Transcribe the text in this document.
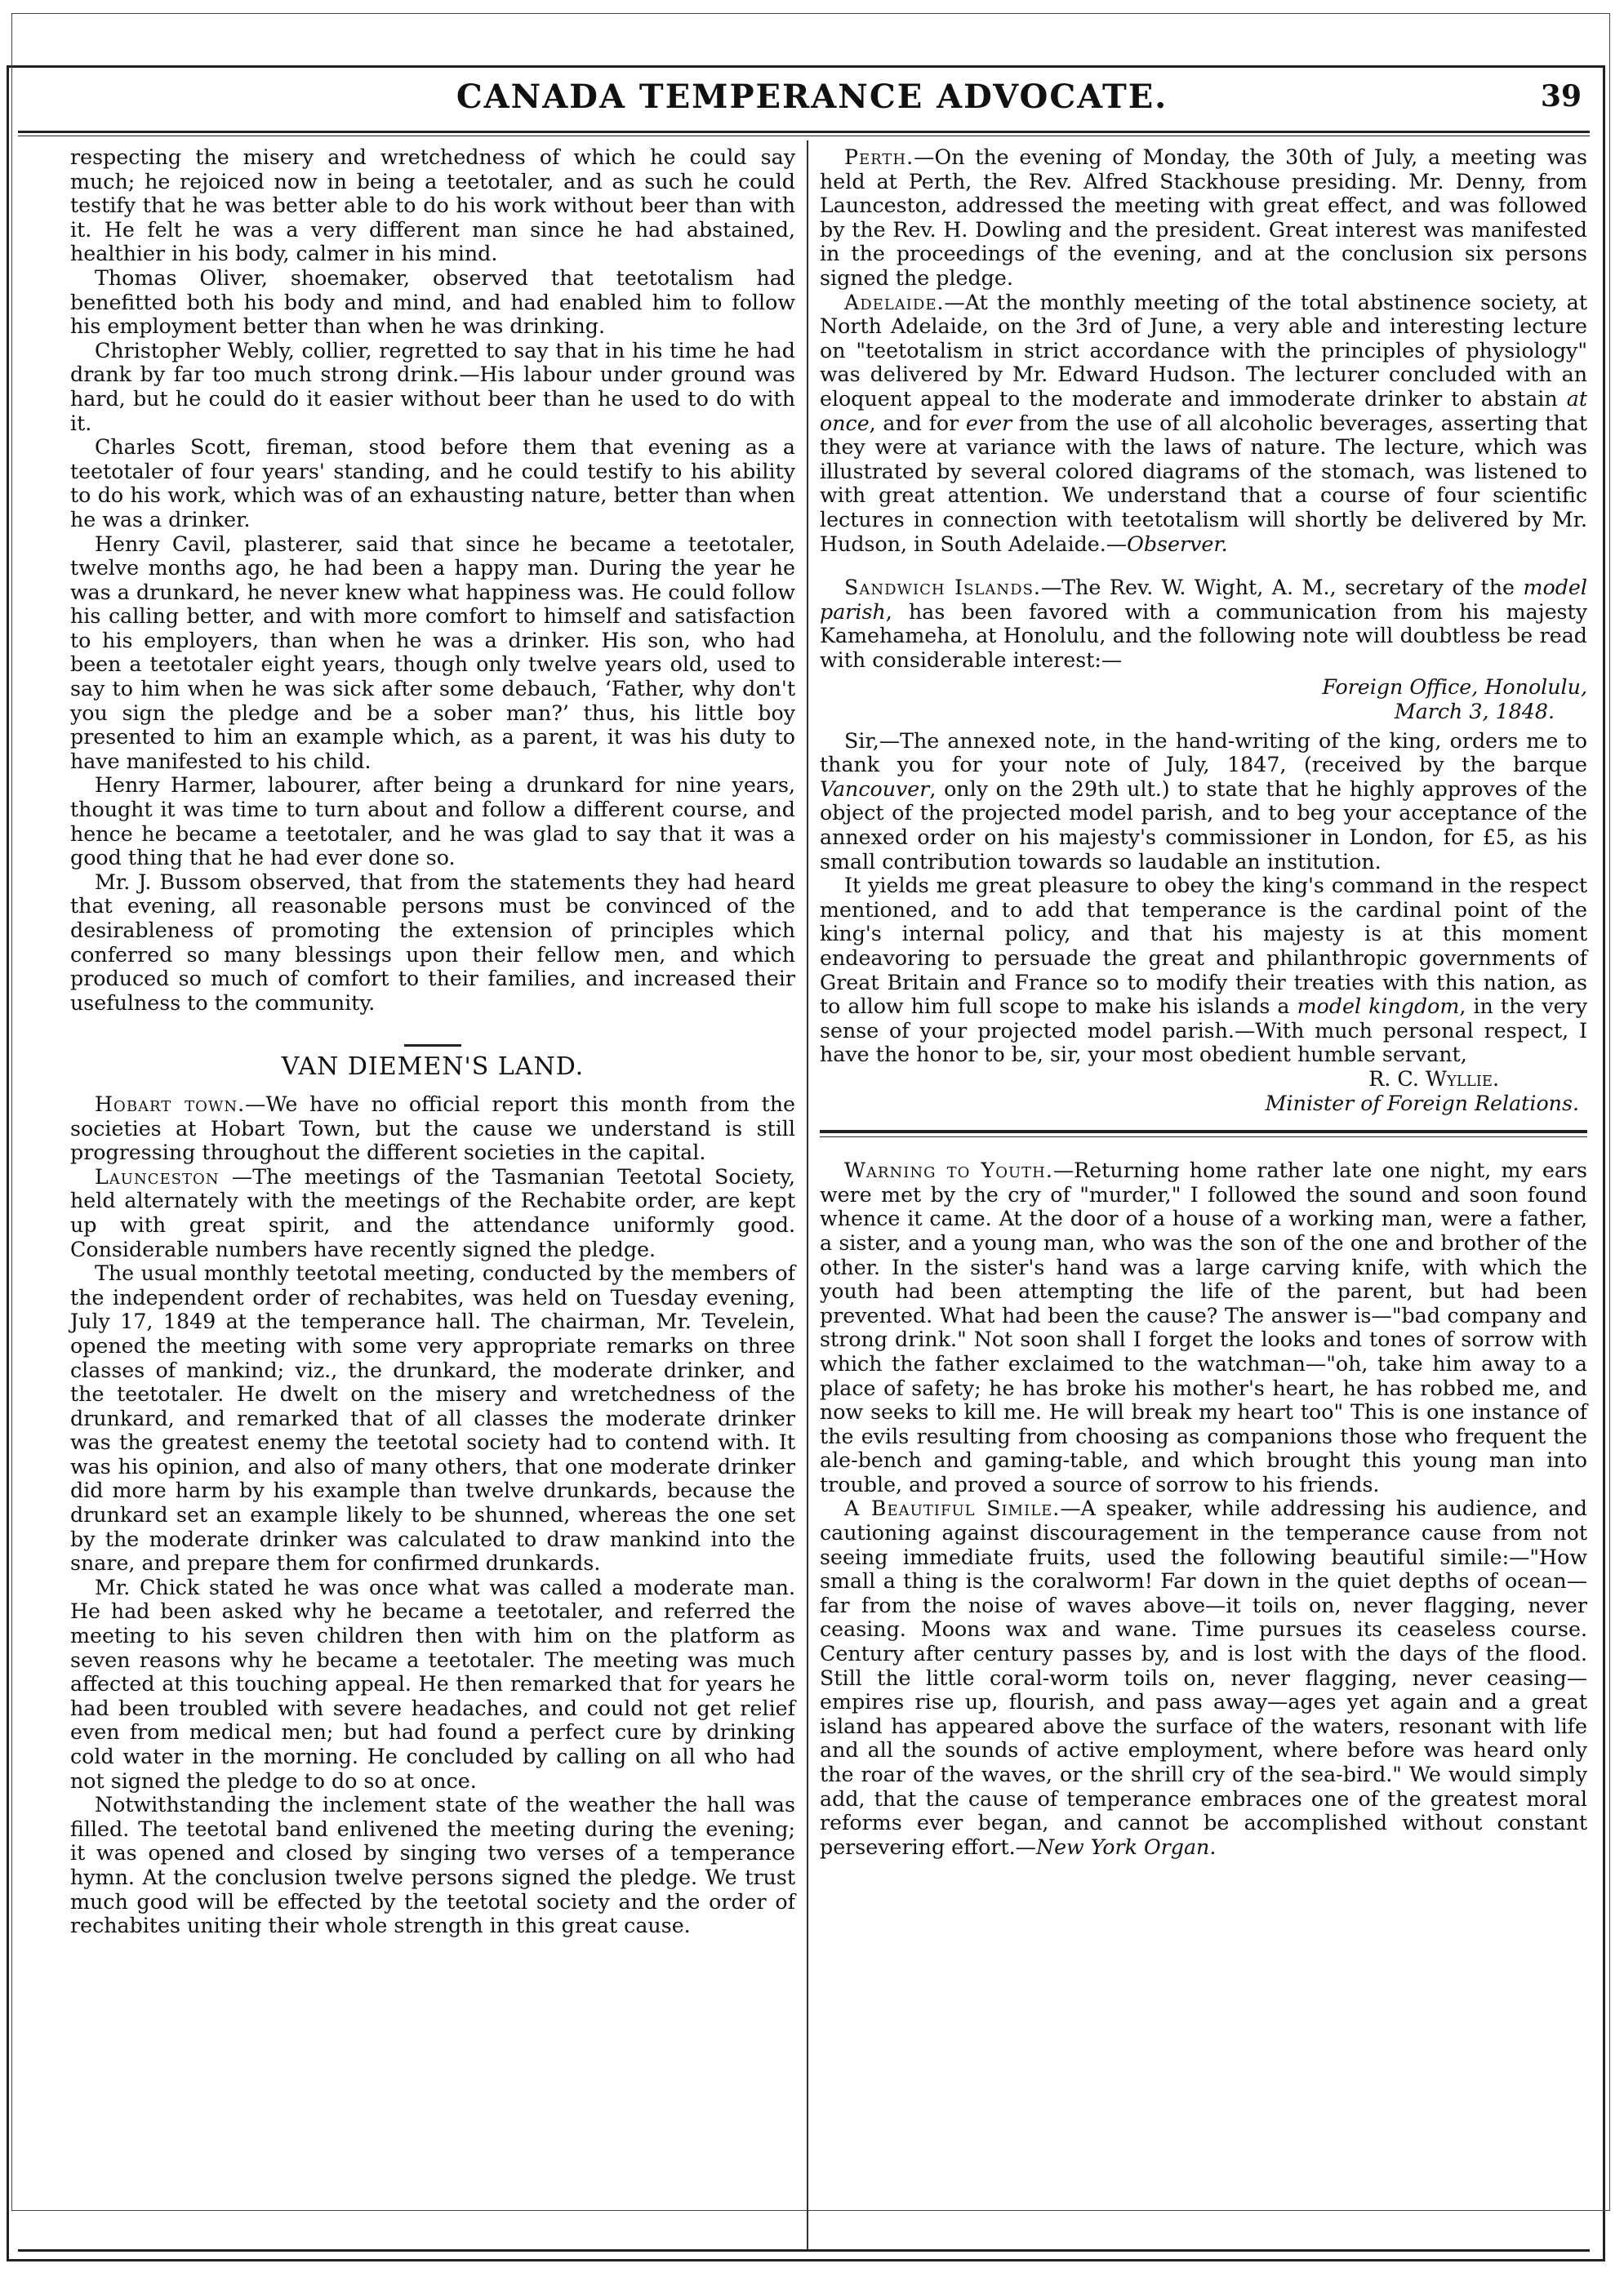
CANADA TEMPERANCE ADVOCATE.	39

respecting the misery and wretchedness of which he could say much; he rejoiced now in being a teetotaler, and as such he could testify that he was better able to do his work without beer than with it. He felt he was a very different man since he had abstained, healthier in his body, calmer in his mind.

Thomas Oliver, shoemaker, observed that teetotalism had benefitted both his body and mind, and had enabled him to follow his employment better than when he was drinking.

Christopher Webly, collier, regretted to say that in his time he had drank by far too much strong drink.—His labour under ground was hard, but he could do it easier without beer than he used to do with it.

Charles Scott, fireman, stood before them that evening as a teetotaler of four years' standing, and he could testify to his ability to do his work, which was of an exhausting nature, better than when he was a drinker.

Henry Cavil, plasterer, said that since he became a teetotaler, twelve months ago, he had been a happy man. During the year he was a drunkard, he never knew what happiness was. He could follow his calling better, and with more comfort to himself and satisfaction to his employers, than when he was a drinker. His son, who had been a teetotaler eight years, though only twelve years old, used to say to him when he was sick after some debauch, ‘Father, why don't you sign the pledge and be a sober man?’ thus, his little boy presented to him an example which, as a parent, it was his duty to have manifested to his child.

Henry Harmer, labourer, after being a drunkard for nine years, thought it was time to turn about and follow a different course, and hence he became a teetotaler, and he was glad to say that it was a good thing that he had ever done so.

Mr. J. Bussom observed, that from the statements they had heard that evening, all reasonable persons must be convinced of the desirableness of promoting the extension of principles which conferred so many blessings upon their fellow men, and which produced so much of comfort to their families, and increased their usefulness to the community.

VAN DIEMEN'S LAND.

Hobart town.—We have no official report this month from the societies at Hobart Town, but the cause we understand is still progressing throughout the different societies in the capital.

Launceston —The meetings of the Tasmanian Teetotal Society, held alternately with the meetings of the Rechabite order, are kept up with great spirit, and the attendance uniformly good. Considerable numbers have recently signed the pledge.

The usual monthly teetotal meeting, conducted by the members of the independent order of rechabites, was held on Tuesday evening, July 17, 1849 at the temperance hall. The chairman, Mr. Tevelein, opened the meeting with some very appropriate remarks on three classes of mankind; viz., the drunkard, the moderate drinker, and the teetotaler. He dwelt on the misery and wretchedness of the drunkard, and remarked that of all classes the moderate drinker was the greatest enemy the teetotal society had to contend with. It was his opinion, and also of many others, that one moderate drinker did more harm by his example than twelve drunkards, because the drunkard set an example likely to be shunned, whereas the one set by the moderate drinker was calculated to draw mankind into the snare, and prepare them for confirmed drunkards.

Mr. Chick stated he was once what was called a moderate man. He had been asked why he became a teetotaler, and referred the meeting to his seven children then with him on the platform as seven reasons why he became a teetotaler. The meeting was much affected at this touching appeal. He then remarked that for years he had been troubled with severe headaches, and could not get relief even from medical men; but had found a perfect cure by drinking cold water in the morning. He concluded by calling on all who had not signed the pledge to do so at once.

Notwithstanding the inclement state of the weather the hall was filled. The teetotal band enlivened the meeting during the evening; it was opened and closed by singing two verses of a temperance hymn. At the conclusion twelve persons signed the pledge. We trust much good will be effected by the teetotal society and the order of rechabites uniting their whole strength in this great cause.

Perth.—On the evening of Monday, the 30th of July, a meeting was held at Perth, the Rev. Alfred Stackhouse presiding. Mr. Denny, from Launceston, addressed the meeting with great effect, and was followed by the Rev. H. Dowling and the president. Great interest was manifested in the proceedings of the evening, and at the conclusion six persons signed the pledge.

Adelaide.—At the monthly meeting of the total abstinence society, at North Adelaide, on the 3rd of June, a very able and interesting lecture on "teetotalism in strict accordance with the principles of physiology" was delivered by Mr. Edward Hudson. The lecturer concluded with an eloquent appeal to the moderate and immoderate drinker to abstain at once, and for ever from the use of all alcoholic beverages, asserting that they were at variance with the laws of nature. The lecture, which was illustrated by several colored diagrams of the stomach, was listened to with great attention. We understand that a course of four scientific lectures in connection with teetotalism will shortly be delivered by Mr. Hudson, in South Adelaide.—Observer.

Sandwich Islands.—The Rev. W. Wight, A. M., secretary of the model parish, has been favored with a communication from his majesty Kamehameha, at Honolulu, and the following note will doubtless be read with considerable interest:—

Foreign Office, Honolulu,
March 3, 1848.

Sir,—The annexed note, in the hand-writing of the king, orders me to thank you for your note of July, 1847, (received by the barque Vancouver, only on the 29th ult.) to state that he highly approves of the object of the projected model parish, and to beg your acceptance of the annexed order on his majesty's commissioner in London, for £5, as his small contribution towards so laudable an institution.

It yields me great pleasure to obey the king's command in the respect mentioned, and to add that temperance is the cardinal point of the king's internal policy, and that his majesty is at this moment endeavoring to persuade the great and philanthropic governments of Great Britain and France so to modify their treaties with this nation, as to allow him full scope to make his islands a model kingdom, in the very sense of your projected model parish.—With much personal respect, I have the honor to be, sir, your most obedient humble servant,

R. C. Wyllie.
Minister of Foreign Relations.

Warning to Youth.—Returning home rather late one night, my ears were met by the cry of "murder," I followed the sound and soon found whence it came. At the door of a house of a working man, were a father, a sister, and a young man, who was the son of the one and brother of the other. In the sister's hand was a large carving knife, with which the youth had been attempting the life of the parent, but had been prevented. What had been the cause? The answer is—"bad company and strong drink." Not soon shall I forget the looks and tones of sorrow with which the father exclaimed to the watchman—"oh, take him away to a place of safety; he has broke his mother's heart, he has robbed me, and now seeks to kill me. He will break my heart too" This is one instance of the evils resulting from choosing as companions those who frequent the ale-bench and gaming-table, and which brought this young man into trouble, and proved a source of sorrow to his friends.

A Beautiful Simile.—A speaker, while addressing his audience, and cautioning against discouragement in the temperance cause from not seeing immediate fruits, used the following beautiful simile:—"How small a thing is the coralworm! Far down in the quiet depths of ocean—far from the noise of waves above—it toils on, never flagging, never ceasing. Moons wax and wane. Time pursues its ceaseless course. Century after century passes by, and is lost with the days of the flood. Still the little coral-worm toils on, never flagging, never ceasing—empires rise up, flourish, and pass away—ages yet again and a great island has appeared above the surface of the waters, resonant with life and all the sounds of active employment, where before was heard only the roar of the waves, or the shrill cry of the sea-bird." We would simply add, that the cause of temperance embraces one of the greatest moral reforms ever began, and cannot be accomplished without constant persevering effort.—New York Organ.
